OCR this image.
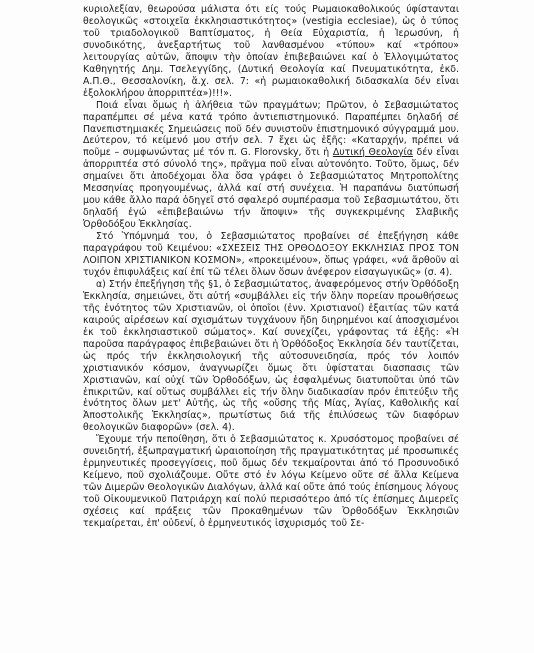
κυριολεξίαν, θεωρούσα μάλιστα ότι είς τούς Ρωμαιοκαθολικούς ύφίστανται θεολογικῶς «στοιχεῖα ἐκκλησιαστικότητος» (vestigia ecclesiae), ὡς ὁ τύπος τοῦ τριαδολογικοῦ Βαπτίσματος, ἡ Θεία Εὐχαριστία, ἡ Ἱερωσύνη, ἡ συνοδικότης, ἀνεξαρτήτως τοῦ λανθασμένου «τύπου» καί «τρόπου» λειτουργίας αὐτῶν, ἄποψιν τὴν ὁποίαν ἐπιβεβαιώνει καί ὁ Ἐλλογιμώτατος Καθηγητής Δημ. Τσελεγγίδης, (Δυτική Θεολογία καί Πνευματικότητα, ἐκδ. Α.Π.Θ., Θεσσαλονίκη, ἄ.χ. σελ. 7: «ἡ ρωμαιοκαθολική διδασκαλία δέν εἶναι ἐξολοκλήρου ἀπορριπτέα»)!!!».

Ποιά εἶναι ὅμως ἡ ἀλήθεια τῶν πραγμάτων; Πρῶτον, ὁ Σεβασμιώτατος παραπέμπει σέ μένα κατά τρόπο ἀντιεπιστημονικό. Παραπέμπει δηλαδή σέ Πανεπιστημιακές Σημειώσεις ποῦ δέν συνιστοῦν ἐπιστημονικό σύγγραμμά μου. Δεύτερον, τό κείμενό μου στήν σελ. 7 ἔχει ὡς ἑξῆς: «Καταρχήν, πρέπει νά ποῦμε – συμφωνώντας μέ τόν π. G. Florovsky, ὅτι ἡ Δυτική Θεολογία δέν εἶναι ἀπορριπτέα στό σύνολό της», πρᾶγμα ποῦ εἶναι αὐτονόητο. Τοῦτο, ὅμως, δέν σημαίνει ὅτι ἀποδέχομαι ὅλα ὅσα γράφει ὁ Σεβασμιώτατος Μητροπολίτης Μεσσηνίας προηγουμένως, ἀλλά καί στή συνέχεια. Ἡ παραπάνω διατύπωσή μου κάθε ἄλλο παρά ὁδηγεῖ στό σφαλερό συμπέρασμα τοῦ Σεβασμιωτάτου, ὅτι δηλαδή ἐγώ «ἐπιβεβαιώνω τήν ἄποψιν» τῆς συγκεκριμένης Σλαβικῆς Ὀρθοδόξου Ἐκκλησίας.

Στό Ὑπόμνημά του, ὁ Σεβασμιώτατος προβαίνει σέ ἐπεξήγηση κάθε παραγράφου τοῦ Κειμένου: «ΣΧΕΣΕΙΣ ΤΗΣ ΟΡΘΟΔΟΞΟΥ ΕΚΚΛΗΣΙΑΣ ΠΡΟΣ ΤΟΝ ΛΟΙΠΟΝ ΧΡΙΣΤΙΑΝΙΚΟΝ ΚΟΣΜΟΝ», «προκειμένου», ὅπως γράφει, «νά ἄρθοῦν αἱ τυχόν ἐπιφυλάξεις καί ἐπί τῶ τέλει ὅλων ὅσων ἀνέφερον εἰσαγωγικῶς» (σ. 4).

α) Στήν ἐπεξήγηση τῆς §1, ὁ Σεβασμιώτατος, ἀναφερόμενος στήν Ὀρθόδοξη Ἐκκλησία, σημειώνει, ὅτι αὐτή «συμβάλλει εἰς τήν ὅλην πορείαν προωθήσεως τῆς ἑνότητος τῶν Χριστιανῶν, οἱ ὁποῖοι (ἐνν. Χριστιανοί) ἐξαιτίας τῶν κατά καιρούς αἱρέσεων καί σχισμάτων τυγχάνουν ἤδη διηρημένοι καί ἀποσχισμένοι ἐκ τοῦ ἐκκλησιαστικοῦ σώματος». Καί συνεχίζει, γράφοντας τά ἑξῆς: «Ἡ παροῦσα παράγραφος ἐπιβεβαιώνει ὅτι ἡ Ὀρθόδοξος Ἐκκλησία δέν ταυτίζεται, ὡς πρός τήν ἐκκλησιολογική τῆς αὐτοσυνειδησία, πρός τόν λοιπόν χριστιανικόν κόσμον, ἀναγνωρίζει ὅμως ὅτι ὑφίσταται διασπασις τῶν Χριστιανῶν, καί οὐχί τῶν Ὀρθοδόξων, ὡς ἐσφαλμένως διατυποῦται ὑπό τῶν ἐπικριτῶν, καί οὕτως συμβάλλει εἰς τήν ὅλην διαδικασίαν πρόν ἐπιτεύξιν τῆς ἑνότητος ὅλων μετ' Αὐτῆς, ὡς τῆς «οὔσης τῆς Μίας, Ἁγίας, Καθολικῆς καί Ἀποστολικῆς Ἐκκλησίας», πρωτίστως διά τῆς ἐπιλύσεως τῶν διαφόρων θεολογικῶν διαφορῶν» (σελ. 4).

Ἔχουμε τήν πεποίθηση, ὅτι ὁ Σεβασμιώτατος κ. Χρυσόστομος προβαίνει σέ συνειδητή, ἐξωπραγματική ὡραιοποίηση τῆς πραγματικότητας μέ προσωπικές ἑρμηνευτικές προσεγγίσεις, ποῦ ὅμως δέν τεκμαίρονται ἀπό τό Προσυνοδικό Κείμενο, ποῦ σχολιάζουμε. Οὔτε στό ἐν λόγω Κείμενο οὔτε σέ ἄλλα Κείμενα τῶν Διμερῶν Θεολογικῶν Διαλόγων, ἀλλά καί οὔτε ἀπό τούς ἐπίσημους λόγους τοῦ Οἰκουμενικοῦ Πατριάρχη καί πολύ περισσότερο ἀπό τίς ἐπίσημες Διμερεῖς σχέσεις καί πράξεις τῶν Προκαθημένων τῶν Ὀρθοδόξων Ἐκκλησιῶν τεκμαίρεται, ἐπ' οὐδενί, ὁ ἑρμηνευτικός ἰσχυρισμός τοῦ Σε-
